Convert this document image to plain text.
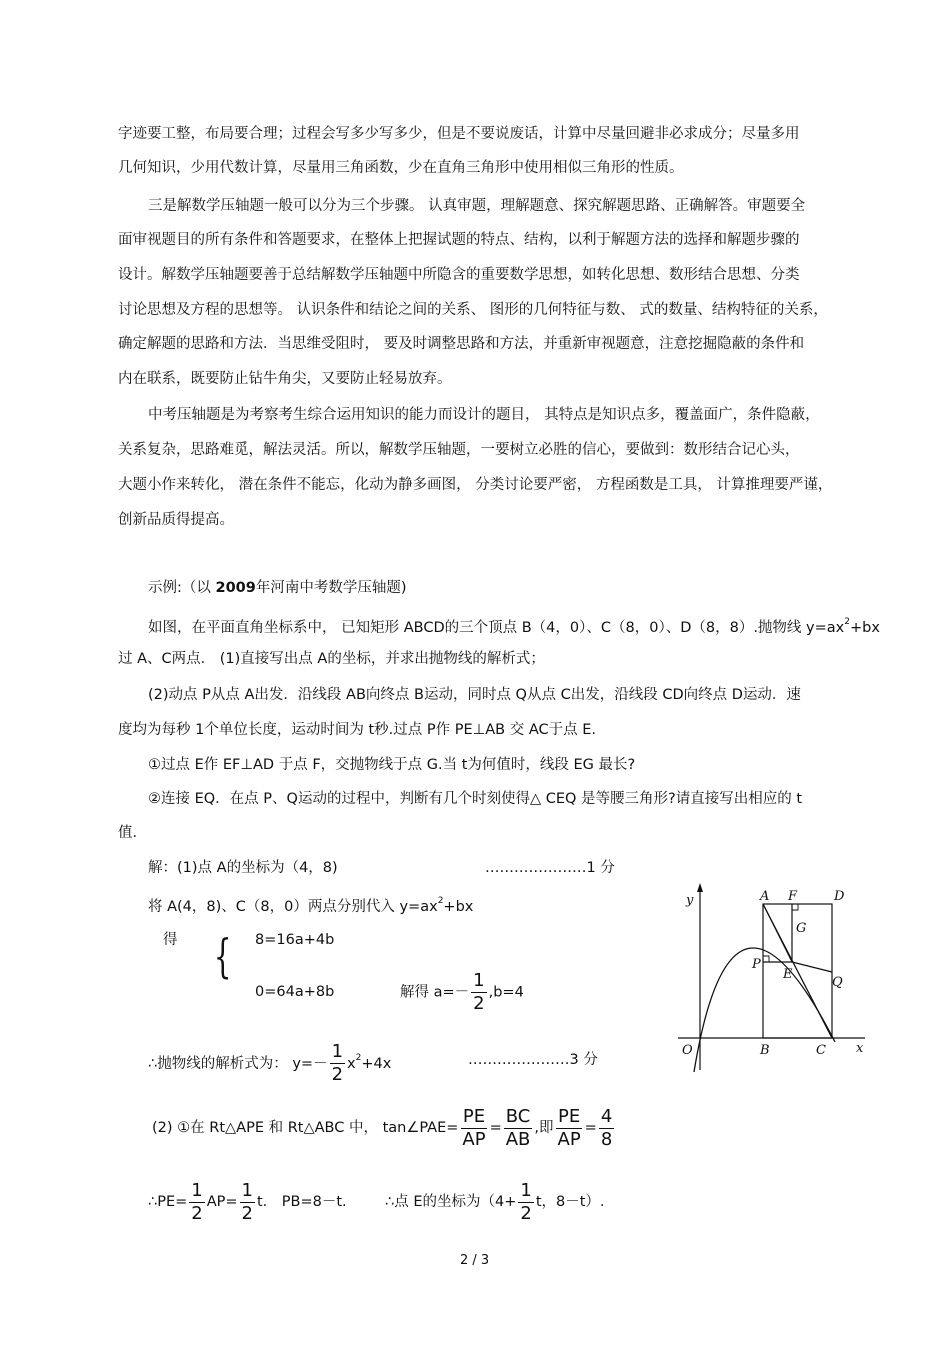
字迹要工整，布局要合理；过程会写多少写多少，但是不要说废话，计算中尽量回避非必求成分；尽量多用
几何知识，少用代数计算，尽量用三角函数，少在直角三角形中使用相似三角形的性质。
三是解数学压轴题一般可以分为三个步骤。 认真审题，理解题意、探究解题思路、正确解答。审题要全
面审视题目的所有条件和答题要求，在整体上把握试题的特点、结构，以利于解题方法的选择和解题步骤的
设计。解数学压轴题要善于总结解数学压轴题中所隐含的重要数学思想，如转化思想、数形结合思想、分类
讨论思想及方程的思想等。 认识条件和结论之间的关系、 图形的几何特征与数、 式的数量、结构特征的关系，
确定解题的思路和方法．当思维受阻时， 要及时调整思路和方法，并重新审视题意，注意挖掘隐蔽的条件和
内在联系，既要防止钻牛角尖，又要防止轻易放弃。
中考压轴题是为考察考生综合运用知识的能力而设计的题目， 其特点是知识点多，覆盖面广，条件隐蔽，
关系复杂，思路难觅，解法灵活。所以，解数学压轴题，一要树立必胜的信心，要做到：数形结合记心头，
大题小作来转化， 潜在条件不能忘，化动为静多画图， 分类讨论要严密， 方程函数是工具， 计算推理要严谨，
创新品质得提高。
示例:（以 2009年河南中考数学压轴题)
如图，在平面直角坐标系中， 已知矩形 ABCD的三个顶点 B（4，0）、C（8，0）、D（8，8）.抛物线 $y=ax^2+bx$
过 A、C两点． (1)直接写出点 A的坐标，并求出抛物线的解析式；
(2)动点 P从点 A出发．沿线段 AB向终点 B运动，同时点 Q从点 C出发，沿线段 CD向终点 D运动．速
度均为每秒 1个单位长度，运动时间为 t秒.过点 P作 PE⊥AB 交 AC于点 E.
①过点 E作 EF⊥AD 于点 F，交抛物线于点 G.当 t为何值时，线段 EG 最长?
②连接 EQ．在点 P、Q运动的过程中，判断有几个时刻使得△ CEQ 是等腰三角形?请直接写出相应的 t
值．
解：(1)点 A的坐标为（4，8)	…………………1 分
将 A(4，8)、C（8，0）两点分别代入 $y=ax^2+bx$
得 { 8=16a+4b
0=64a+8b	解得 $a=- \frac{1}{2} ,b=4$
∴抛物线的解析式为： $y=- \frac{1}{2} x^2+4x$	…………………3 分
(2) ①在 Rt△APE 和 Rt△ABC 中， tan∠PAE= $\frac{PE}{AP} = \frac{BC}{AB}$ ,即 $\frac{PE}{AP} = \frac{4}{8}$
∴PE= $\frac{1}{2} AP= \frac{1}{2}$ t． PB=8－t.	∴点 E的坐标为（$4+ \frac{1}{2}$ t，8－t）.
y
x
O
A F	D
G
P
E
Q
B	C
2 / 3
